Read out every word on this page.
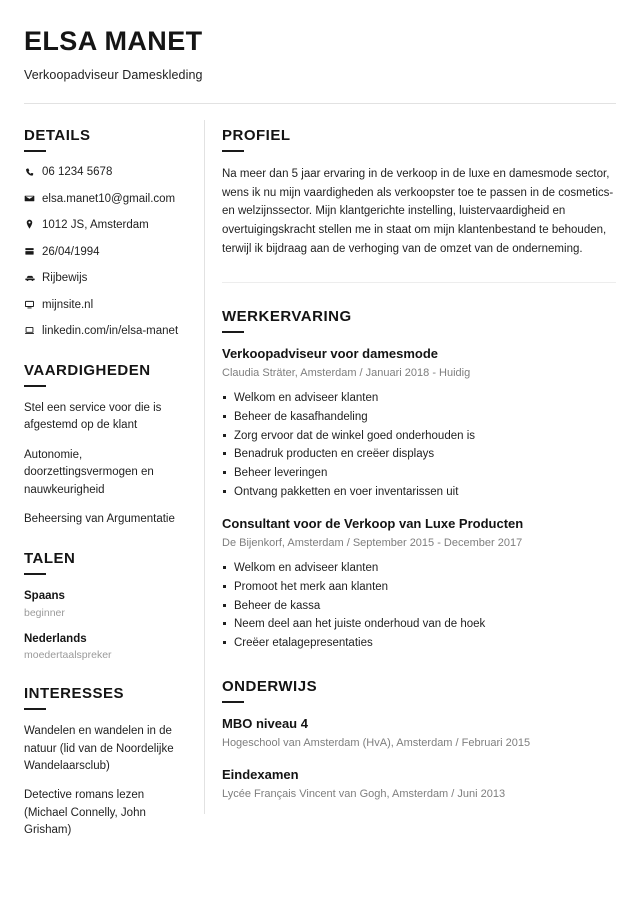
ELSA MANET
Verkoopadviseur Dameskleding
DETAILS
06 1234 5678
elsa.manet10@gmail.com
1012 JS, Amsterdam
26/04/1994
Rijbewijs
mijnsite.nl
linkedin.com/in/elsa-manet
VAARDIGHEDEN
Stel een service voor die is afgestemd op de klant
Autonomie, doorzettingsvermogen en nauwkeurigheid
Beheersing van Argumentatie
TALEN
Spaans
beginner
Nederlands
moedertaalspreker
INTERESSES
Wandelen en wandelen in de natuur (lid van de Noordelijke Wandelaarsclub)
Detective romans lezen (Michael Connelly, John Grisham)
PROFIEL
Na meer dan 5 jaar ervaring in de verkoop in de luxe en damesmode sector, wens ik nu mijn vaardigheden als verkoopster toe te passen in de cosmetics- en welzijnssector. Mijn klantgerichte instelling, luistervaardigheid en overtuigingskracht stellen me in staat om mijn klantenbestand te behouden, terwijl ik bijdraag aan de verhoging van de omzet van de onderneming.
WERKERVARING
Verkoopadviseur voor damesmode
Claudia Sträter, Amsterdam / Januari 2018 - Huidig
Welkom en adviseer klanten
Beheer de kasafhandeling
Zorg ervoor dat de winkel goed onderhouden is
Benadruk producten en creëer displays
Beheer leveringen
Ontvang pakketten en voer inventarissen uit
Consultant voor de Verkoop van Luxe Producten
De Bijenkorf, Amsterdam / September 2015 - December 2017
Welkom en adviseer klanten
Promoot het merk aan klanten
Beheer de kassa
Neem deel aan het juiste onderhoud van de hoek
Creëer etalagepresentaties
ONDERWIJS
MBO niveau 4
Hogeschool van Amsterdam (HvA), Amsterdam / Februari 2015
Eindexamen
Lycée Français Vincent van Gogh, Amsterdam / Juni 2013
